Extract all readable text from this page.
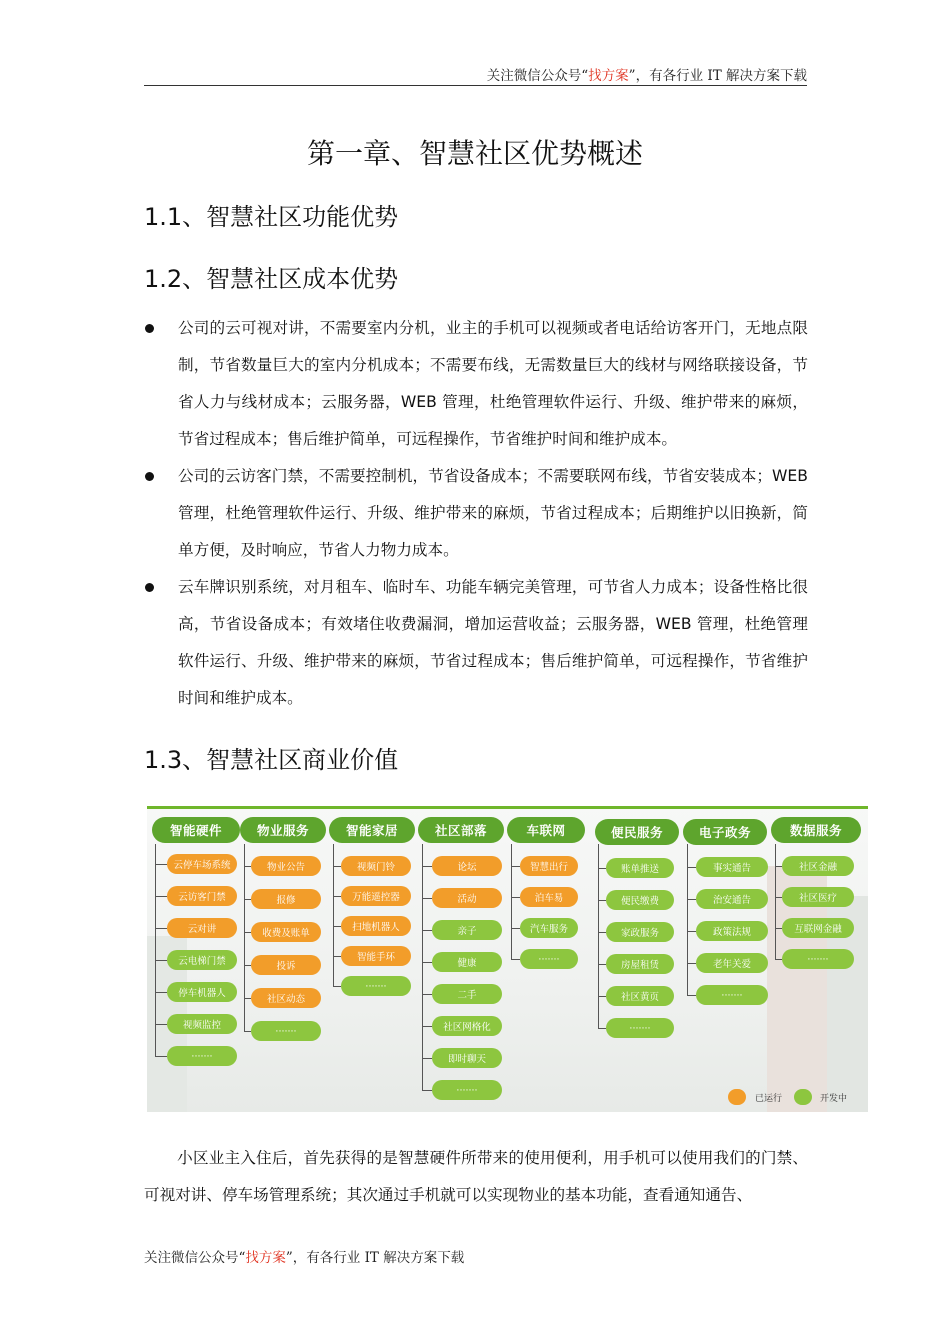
关注微信公众号“找方案”，有各行业 IT 解决方案下载
第一章、智慧社区优势概述
1.1、智慧社区功能优势
1.2、智慧社区成本优势

公司的云可视对讲，不需要室内分机，业主的手机可以视频或者电话给访客开门，无地点限制，节省数量巨大的室内分机成本；不需要布线，无需数量巨大的线材与网络联接设备，节省人力与线材成本；云服务器，WEB 管理，杜绝管理软件运行、升级、维护带来的麻烦，节省过程成本；售后维护简单，可远程操作，节省维护时间和维护成本。

公司的云访客门禁，不需要控制机，节省设备成本；不需要联网布线，节省安装成本；WEB 管理，杜绝管理软件运行、升级、维护带来的麻烦，节省过程成本；后期维护以旧换新，简单方便，及时响应，节省人力物力成本。

云车牌识别系统，对月租车、临时车、功能车辆完美管理，可节省人力成本；设备性格比很高，节省设备成本；有效堵住收费漏洞，增加运营收益；云服务器，WEB 管理，杜绝管理软件运行、升级、维护带来的麻烦，节省过程成本；售后维护简单，可远程操作，节省维护时间和维护成本。

1.3、智慧社区商业价值
已运行	开发中
智能硬件
云停车场系统
云访客门禁
云对讲
云电梯门禁
停车机器人
视频监控
·······
物业服务
物业公告
报修
收费及账单
投诉
社区动态
·······
智能家居
视频门铃
万能遥控器
扫地机器人
智能手环
·······
社区部落
论坛
活动
亲子
健康
二手
社区网格化
即时聊天
·······
车联网
智慧出行
泊车易
汽车服务
·······
便民服务
账单推送
便民缴费
家政服务
房屋租赁
社区黄页
·······
电子政务
事实通告
治安通告
政策法规
老年关爱
·······
数据服务
社区金融
社区医疗
互联网金融
·······

小区业主入住后，首先获得的是智慧硬件所带来的使用便利，用手机可以使用我们的门禁、可视对讲、停车场管理系统；其次通过手机就可以实现物业的基本功能，查看通知通告、

关注微信公众号“找方案”，有各行业 IT 解决方案下载
